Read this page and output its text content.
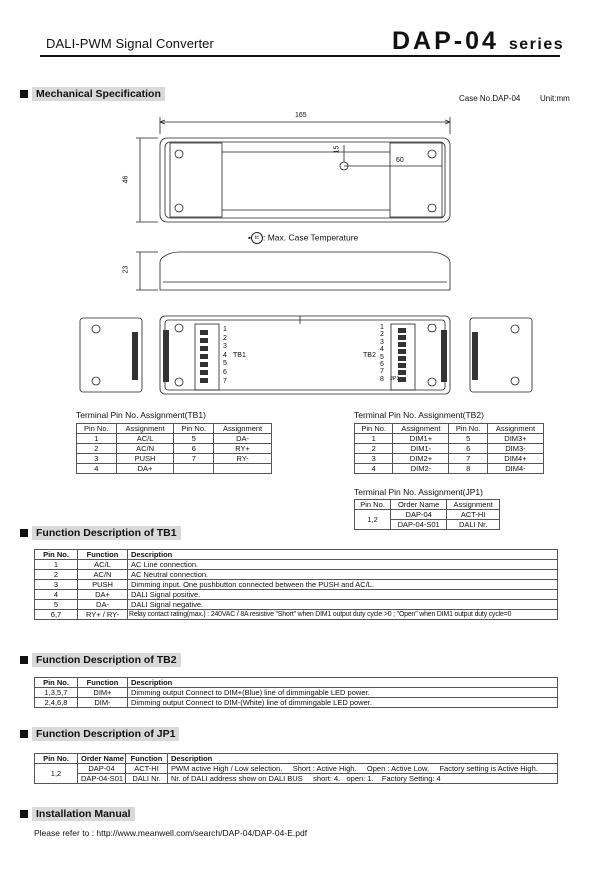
DALI-PWM Signal Converter	DAP-04 series
Mechanical Specification	Case No.DAP-04 Unit:mm
165
46
15
60
23
• tc : Max. Case Temperature
1
2
3
4
5
6
7
TB1
1
2
3
4
5
6
7
8
TB2
JP1
Terminal Pin No. Assignment(TB1)
Pin No.	Assignment	Pin No.	Assignment
1	AC/L	5	DA-
2	AC/N	6	RY+
3	PUSH	7	RY-
4	DA+		
Terminal Pin No. Assignment(TB2)
Pin No.	Assignment	Pin No.	Assignment
1	DIM1+	5	DIM3+
2	DIM1-	6	DIM3-
3	DIM2+	7	DIM4+
4	DIM2-	8	DIM4-
Terminal Pin No. Assignment(JP1)
Pin No.	Order Name	Assignment
1,2	DAP-04	ACT-HI
	DAP-04-S01	DALI Nr.
Function Description of TB1
Pin No.	Function	Description
1	AC/L	AC Line connection.
2	AC/N	AC Neutral connection.
3	PUSH	Dimming input. One pushbutton connected between the PUSH and AC/L.
4	DA+	DALI Signal positive.
5	DA-	DALI Signal negative.
6,7	RY+ / RY-	Relay contact rating(max.) : 240VAC / 8A resistive "Short" when DIM1 output duty cycle >0 ; "Open" when DIM1 output duty cycle=0
Function Description of TB2
Pin No.	Function	Description
1,3,5,7	DIM+	Dimming output Connect to DIM+(Blue) line of dimmingable LED power.
2,4,6,8	DIM-	Dimming output Connect to DIM-(White) line of dimmingable LED power.
Function Description of JP1
Pin No.	Order Name	Function	Description
1,2	DAP-04	ACT-HI	PWM active High / Low selection.     Short : Active High.     Open : Active Low.     Factory setting is Active High.
	DAP-04-S01	DALI Nr.	Nr. of DALI address show on DALI BUS     short: 4.   open: 1.    Factory Setting: 4
Installation Manual
Please refer to : http://www.meanwell.com/search/DAP-04/DAP-04-E.pdf
